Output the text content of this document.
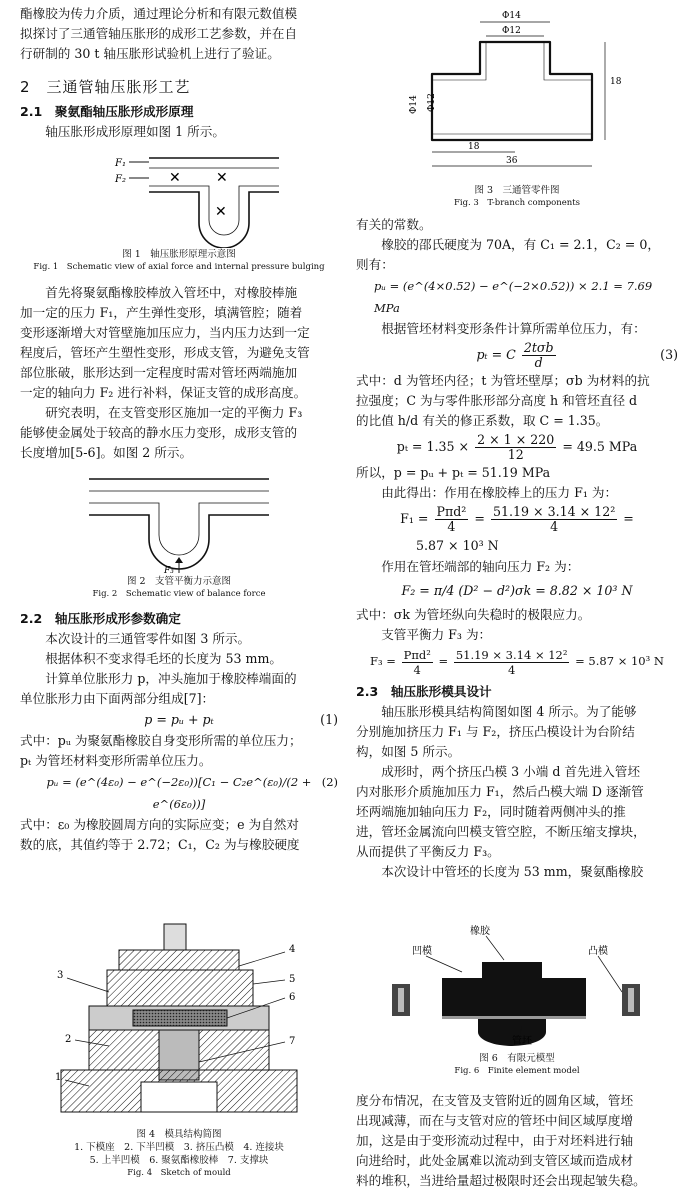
酯橡胶为传力介质，通过理论分析和有限元数值模
拟探讨了三通管轴压胀形的成形工艺参数，并在自
行研制的 30 t 轴压胀形试验机上进行了验证。
2　三通管轴压胀形工艺
2.1　聚氨酯轴压胀形成形原理
轴压胀形成形原理如图 1 所示。
F₁
F₂	✕	✕
✕
图 1　轴压胀形原理示意图
Fig. 1　Schematic view of axial force and internal pressure bulging
首先将聚氨酯橡胶棒放入管坯中，对橡胶棒施
加一定的压力 F₁，产生弹性变形，填满管腔；随着
变形逐渐增大对管壁施加压应力，当内压力达到一定
程度后，管坯产生塑性变形，形成支管，为避免支管
部位胀破，胀形达到一定程度时需对管坯两端施加
一定的轴向力 F₂ 进行补料，保证支管的成形高度。
研究表明，在支管变形区施加一定的平衡力 F₃
能够使金属处于较高的静水压力变形，成形支管的
长度增加[5-6]。如图 2 所示。
F₃
图 2　支管平衡力示意图
Fig. 2　Schematic view of balance force
2.2　轴压胀形成形参数确定
本次设计的三通管零件如图 3 所示。
根据体积不变求得毛坯的长度为 53 mm。
计算单位胀形力 p，冲头施加于橡胶棒端面的
单位胀形力由下面两部分组成[7]：
p = pᵤ + pₜ	(1)
式中：pᵤ 为聚氨酯橡胶自身变形所需的单位压力；
pₜ 为管坯材料变形所需单位压力。
pᵤ = (e^(4ε₀) − e^(−2ε₀))[C₁ − C₂e^(ε₀)/(2 + e^(6ε₀))]
(2)
式中：ε₀ 为橡胶圆周方向的实际应变；e 为自然对
数的底，其值约等于 2.72；C₁，C₂ 为与橡胶硬度
Φ14
Φ12
18
Φ14 Φ12
18
36
图 3　三通管零件图
Fig. 3　T-branch components
有关的常数。
橡胶的邵氏硬度为 70A，有 C₁ = 2.1，C₂ = 0，
则有：
pᵤ = (e^(4×0.52) − e^(−2×0.52)) × 2.1 = 7.69 MPa
根据管坯材料变形条件计算所需单位压力，有：
pₜ = C $\frac{\text{2tσb}}{d}$	(3)
式中：d 为管坯内径；t 为管坯壁厚；σb 为材料的抗
拉强度；C 为与零件胀形部分高度 h 和管坯直径 d
的比值 h/d 有关的修正系数，取 C = 1.35。
$p_t = 1.35 \times \frac{2 \times 1 \times 220}{12} = 49.5$ MPa
所以，p = pᵤ + pₜ = 51.19 MPa
由此得出：作用在橡胶棒上的压力 F₁ 为：
$F_1 = \frac{\text{Pπd²}}{4} = \frac{\text{51.19 × 3.14 × 12²}}{4}$ =
5.87 × 10³ N
作用在管坯端部的轴向压力 F₂ 为：
F₂ = π/4 (D² − d²)σk = 8.82 × 10³ N
式中：σk 为管坯纵向失稳时的极限应力。
支管平衡力 F₃ 为：
$F_3 = \frac{\text{Pπd²}}{4} = \frac{\text{51.19 × 3.14 × 12²}}{4} = 5.87 \times 10^3$ N
2.3　轴压胀形模具设计
轴压胀形模具结构简图如图 4 所示。为了能够
分别施加挤压力 F₁ 与 F₂，挤压凸模设计为台阶结
构，如图 5 所示。
成形时，两个挤压凸模 3 小端 d 首先进入管坯
内对胀形介质施加压力 F₁，然后凸模大端 D 逐渐管
坯两端施加轴向压力 F₂，同时随着两侧冲头的推
进，管坯金属流向凹模支管空腔，不断压缩支撑块，
从而提供了平衡反力 F₃。
本次设计中管坯的长度为 53 mm，聚氨酯橡胶
4
3	5
6
2	7
1
图 4　模具结构简图
1. 下模座　2. 下半凹模　3. 挤压凸模　4. 连接块
5. 上半凹模　6. 聚氨酯橡胶棒　7. 支撑块
Fig. 4　Sketch of mould
橡胶
凹模	凸模
管坯
图 6　有限元模型
Fig. 6　Finite element model
度分布情况，在支管及支管附近的圆角区域，管坯
出现减薄，而在与支管对应的管坯中间区域厚度增
加，这是由于变形流动过程中，由于对坯料进行轴
向进给时，此处金属难以流动到支管区域而造成材
料的堆积，当进给量超过极限时还会出现起皱失稳。
